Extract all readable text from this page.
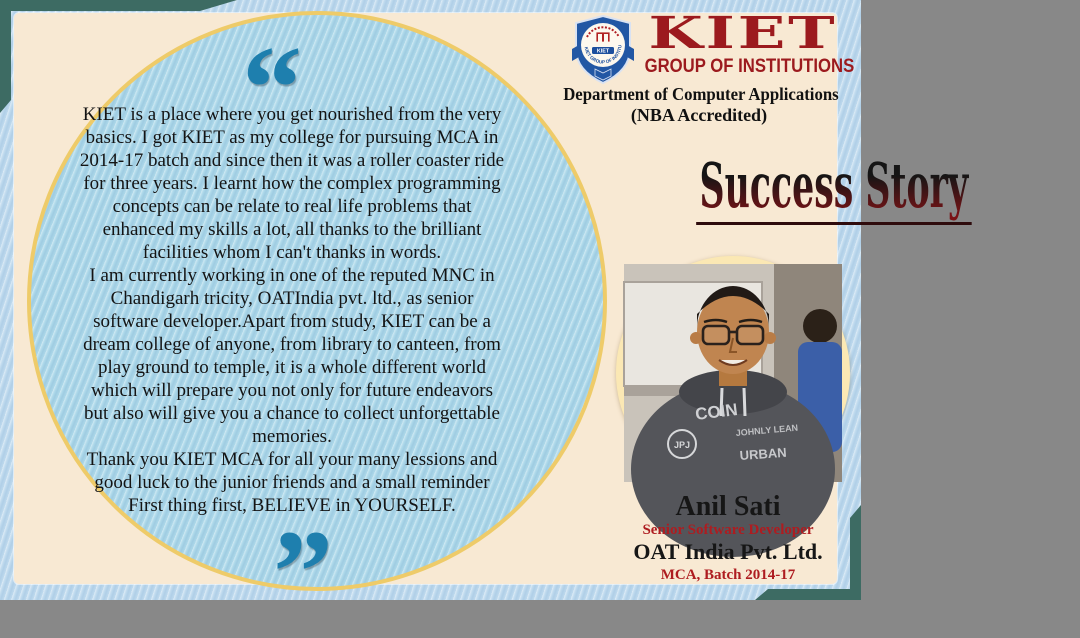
“
KIET is a place where you get nourished from the very
basics. I got KIET as my college for pursuing MCA in
2014-17 batch and since then it was a roller coaster ride
for three years. I learnt how the complex programming
concepts can be relate to real life problems that
enhanced my skills a lot, all thanks to the brilliant
facilities whom I can't thanks in words.
I am currently working in one of the reputed MNC in
Chandigarh tricity, OATIndia pvt. ltd., as senior
software developer.Apart from study, KIET can be a
dream college of anyone, from library to canteen, from
play ground to temple, it is a whole different world
which will prepare you not only for future endeavors
but also will give you a chance to collect unforgettable
memories.
Thank you KIET MCA for all your many lessions and
good luck to the junior friends and a small reminder
First thing first, BELIEVE in YOURSELF.
”
KIET GROUP OF INSTITU
KIET KIET
GROUP OF INSTITUTIONS
Department of Computer Applications
(NBA Accredited)
Success Story
COIN
JOHNLY LEAN
URBAN
JPJ
Anil Sati
Senior Software Developer
OAT India Pvt. Ltd.
MCA, Batch 2014-17
